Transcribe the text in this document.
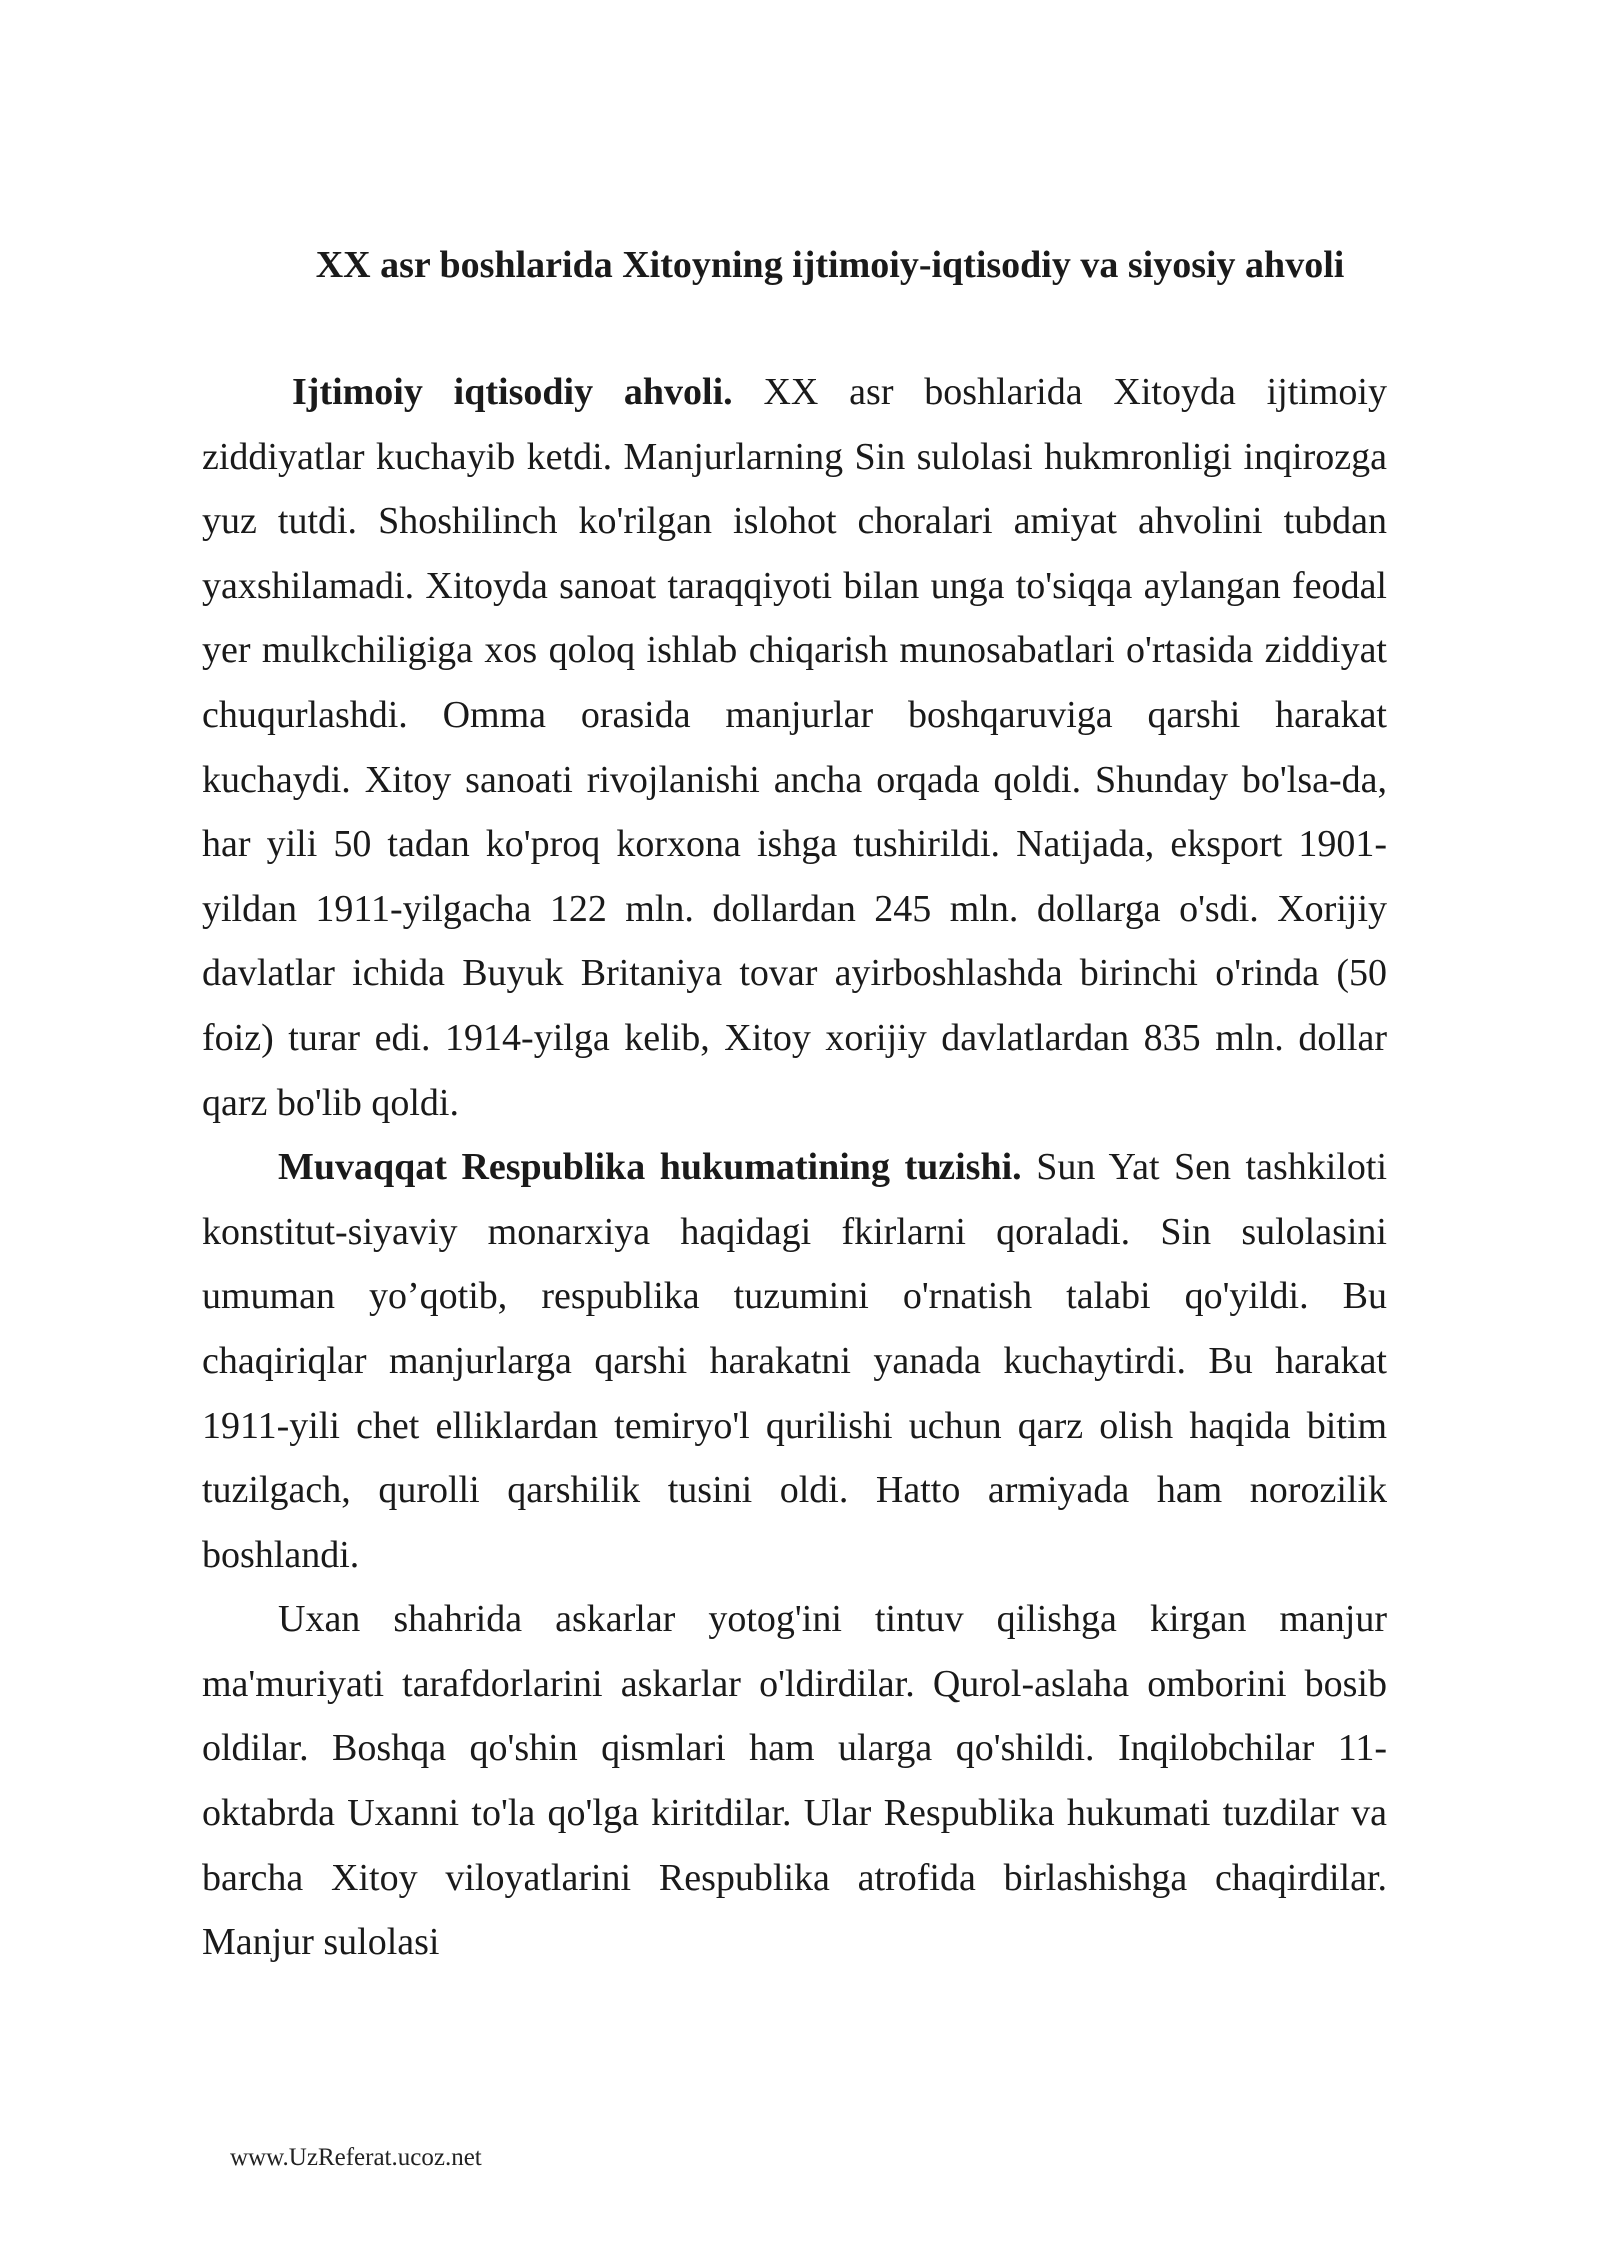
XX asr boshlarida Xitoyning ijtimoiy-iqtisodiy va siyosiy ahvoli

Ijtimoiy iqtisodiy ahvoli. XX asr boshlarida Xitoyda ijtimoiy ziddiyatlar kuchayib ketdi. Manjurlarning Sin sulolasi hukmronligi inqirozga yuz tutdi. Shoshilinch ko'rilgan islohot choralari amiyat ahvolini tubdan yaxshilamadi. Xitoyda sanoat taraqqiyoti bilan unga to'siqqa aylangan feodal yer mulkchiligiga xos qoloq ishlab chiqarish munosabatlari o'rtasida ziddiyat chuqurlashdi. Omma orasida manjurlar boshqaruviga qarshi harakat kuchaydi. Xitoy sanoati rivojlanishi ancha orqada qoldi. Shunday bo'lsa-da, har yili 50 tadan ko'proq korxona ishga tushirildi. Natijada, eksport 1901-yildan 1911-yilgacha 122 mln. dollardan 245 mln. dollarga o'sdi. Xorijiy davlatlar ichida Buyuk Britaniya tovar ayirboshlashda birinchi o'rinda (50 foiz) turar edi. 1914-yilga kelib, Xitoy xorijiy davlatlardan 835 mln. dollar qarz bo'lib qoldi.

Muvaqqat Respublika hukumatining tuzishi. Sun Yat Sen tashkiloti konstitut-siyaviy monarxiya haqidagi fkirlarni qoraladi. Sin sulolasini umuman yo’qotib, respublika tuzumini o'rnatish talabi qo'yildi. Bu chaqiriqlar manjurlarga qarshi harakatni yanada kuchaytirdi. Bu harakat 1911-yili chet elliklardan temiryo'l qurilishi uchun qarz olish haqida bitim tuzilgach, qurolli qarshilik tusini oldi. Hatto armiyada ham norozilik boshlandi.

Uxan shahrida askarlar yotog'ini tintuv qilishga kirgan manjur ma'muriyati tarafdorlarini askarlar o'ldirdilar. Qurol-aslaha omborini bosib oldilar. Boshqa qo'shin qismlari ham ularga qo'shildi. Inqilobchilar 11-oktabrda Uxanni to'la qo'lga kiritdilar. Ular Respublika hukumati tuzdilar va barcha Xitoy viloyatlarini Respublika atrofida birlashishga chaqirdilar. Manjur sulolasi

www.UzReferat.ucoz.net
